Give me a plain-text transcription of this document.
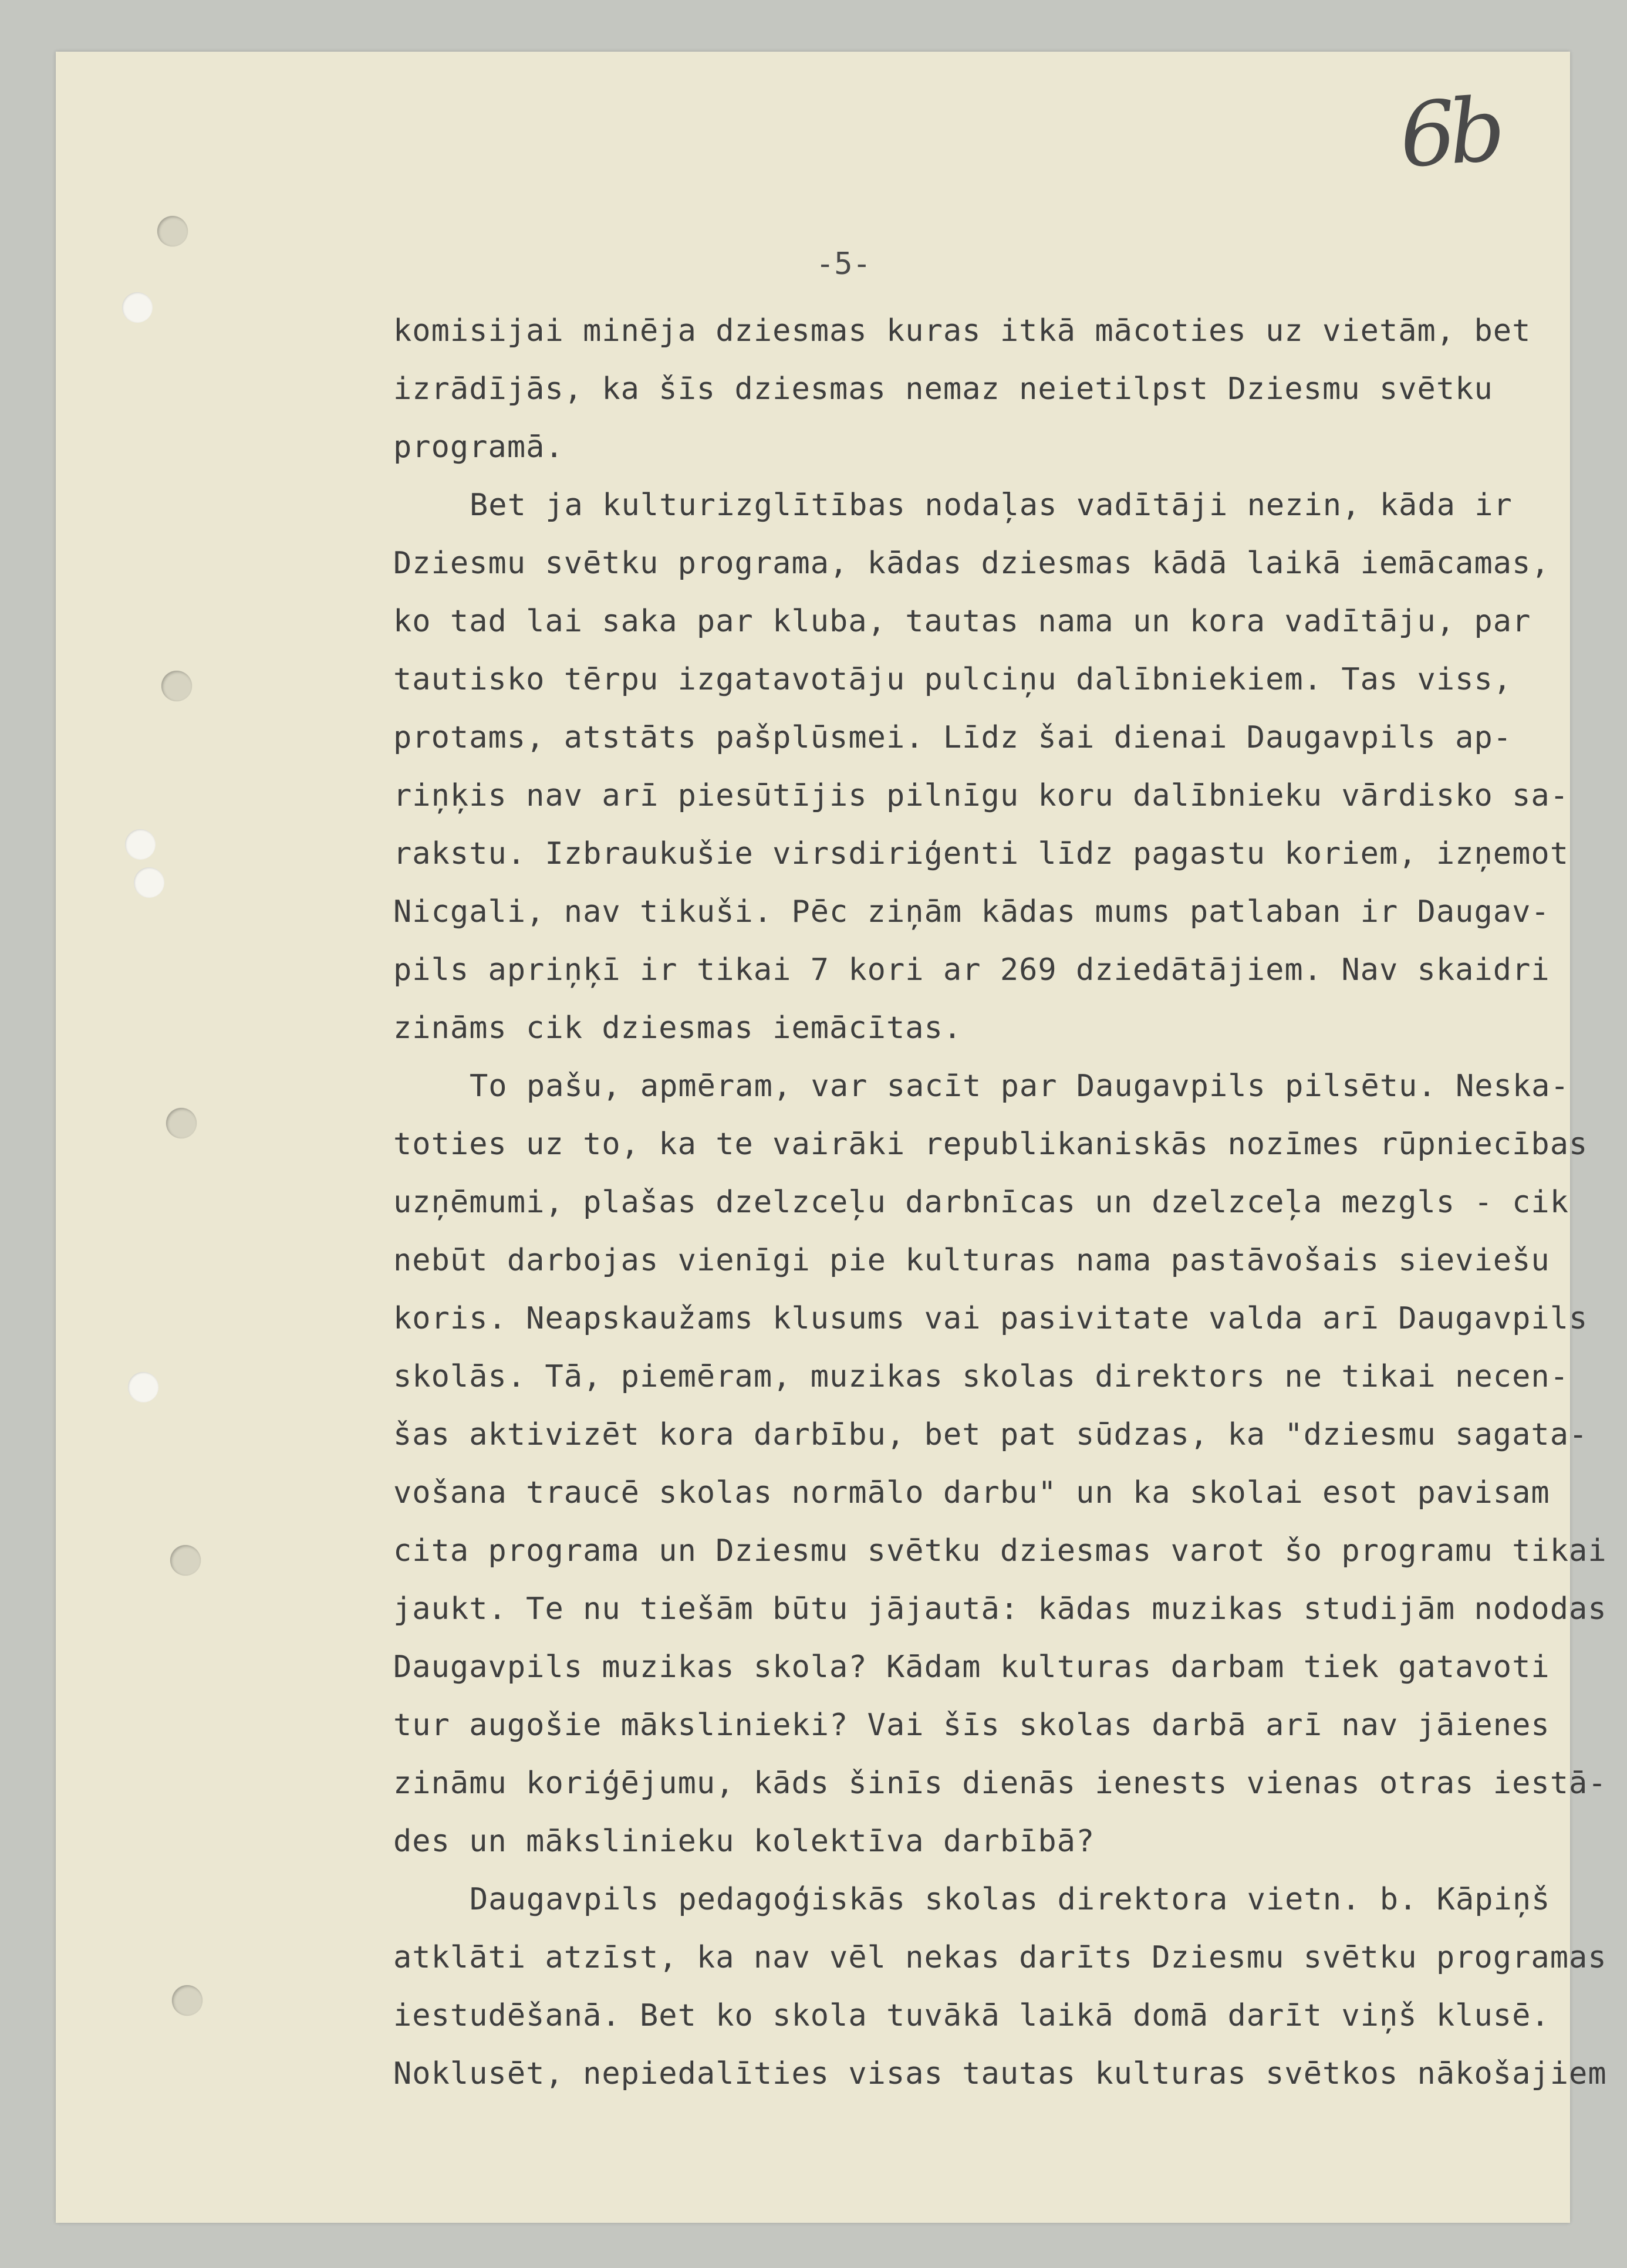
6b
-5-

komisijai minēja dziesmas kuras itkā mācoties uz vietām, bet
izrādījās, ka šīs dziesmas nemaz neietilpst Dziesmu svētku
programā.

Bet ja kulturizglītības nodaļas vadītāji nezin, kāda ir
Dziesmu svētku programa, kādas dziesmas kādā laikā iemācamas,
ko tad lai saka par kluba, tautas nama un kora vadītāju, par
tautisko tērpu izgatavotāju pulciņu dalībniekiem. Tas viss,
protams, atstāts pašplūsmei. Līdz šai dienai Daugavpils ap-
riņķis nav arī piesūtījis pilnīgu koru dalībnieku vārdisko sa-
rakstu. Izbraukušie virsdiriģenti līdz pagastu koriem, izņemot
Nicgali, nav tikuši. Pēc ziņām kādas mums patlaban ir Daugav-
pils apriņķī ir tikai 7 kori ar 269 dziedātājiem. Nav skaidri
zināms cik dziesmas iemācītas.

To pašu, apmēram, var sacīt par Daugavpils pilsētu. Neska-
toties uz to, ka te vairāki republikaniskās nozīmes rūpniecības
uzņēmumi, plašas dzelzceļu darbnīcas un dzelzceļa mezgls - cik
nebūt darbojas vienīgi pie kulturas nama pastāvošais sieviešu
koris. Neapskaužams klusums vai pasivitate valda arī Daugavpils
skolās. Tā, piemēram, muzikas skolas direktors ne tikai necen-
šas aktivizēt kora darbību, bet pat sūdzas, ka "dziesmu sagata-
vošana traucē skolas normālo darbu" un ka skolai esot pavisam
cita programa un Dziesmu svētku dziesmas varot šo programu tikai
jaukt. Te nu tiešām būtu jājautā: kādas muzikas studijām nododas
Daugavpils muzikas skola? Kādam kulturas darbam tiek gatavoti
tur augošie mākslinieki? Vai šīs skolas darbā arī nav jāienes
zināmu koriģējumu, kāds šinīs dienās ienests vienas otras iestā-
des un mākslinieku kolektīva darbībā?

Daugavpils pedagoģiskās skolas direktora vietn. b. Kāpiņš
atklāti atzīst, ka nav vēl nekas darīts Dziesmu svētku programas
iestudēšanā. Bet ko skola tuvākā laikā domā darīt viņš klusē.
Noklusēt, nepiedalīties visas tautas kulturas svētkos nākošajiem
